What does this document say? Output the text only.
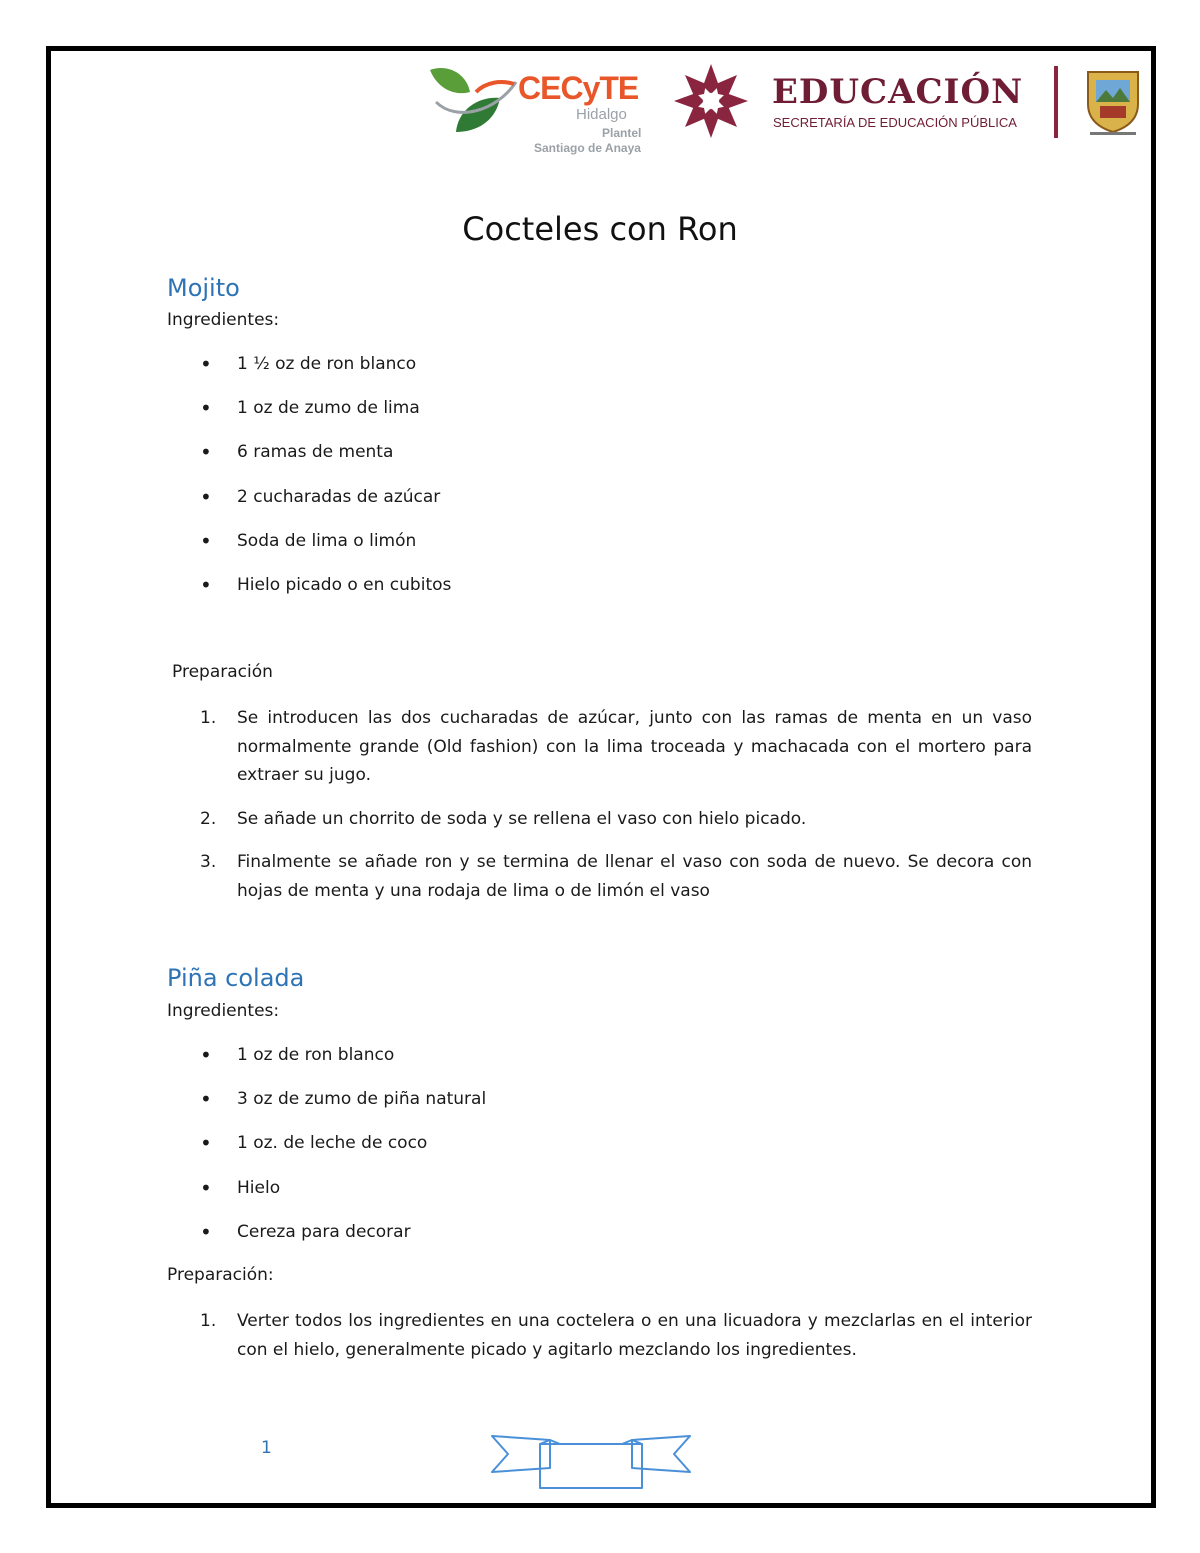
CECyTE
Hidalgo
Plantel
Santiago de Anaya
EDUCACIÓN
SECRETARÍA DE EDUCACIÓN PÚBLICA
Cocteles con Ron
Mojito
Ingredientes:
• 1 ½ oz de ron blanco
• 1 oz de zumo de lima
• 6 ramas de menta
• 2 cucharadas de azúcar
• Soda de lima o limón
• Hielo picado o en cubitos
Preparación
1. Se introducen las dos cucharadas de azúcar, junto con las ramas de menta en un vaso normalmente grande (Old fashion) con la lima troceada y machacada con el mortero para extraer su jugo.
2. Se añade un chorrito de soda y se rellena el vaso con hielo picado.
3. Finalmente se añade ron y se termina de llenar el vaso con soda de nuevo. Se decora con hojas de menta y una rodaja de lima o de limón el vaso
Piña colada
Ingredientes:
• 1 oz de ron blanco
• 3 oz de zumo de piña natural
• 1 oz. de leche de coco
• Hielo
• Cereza para decorar
Preparación:
1. Verter todos los ingredientes en una coctelera o en una licuadora y mezclarlas en el interior con el hielo, generalmente picado y agitarlo mezclando los ingredientes.
1
